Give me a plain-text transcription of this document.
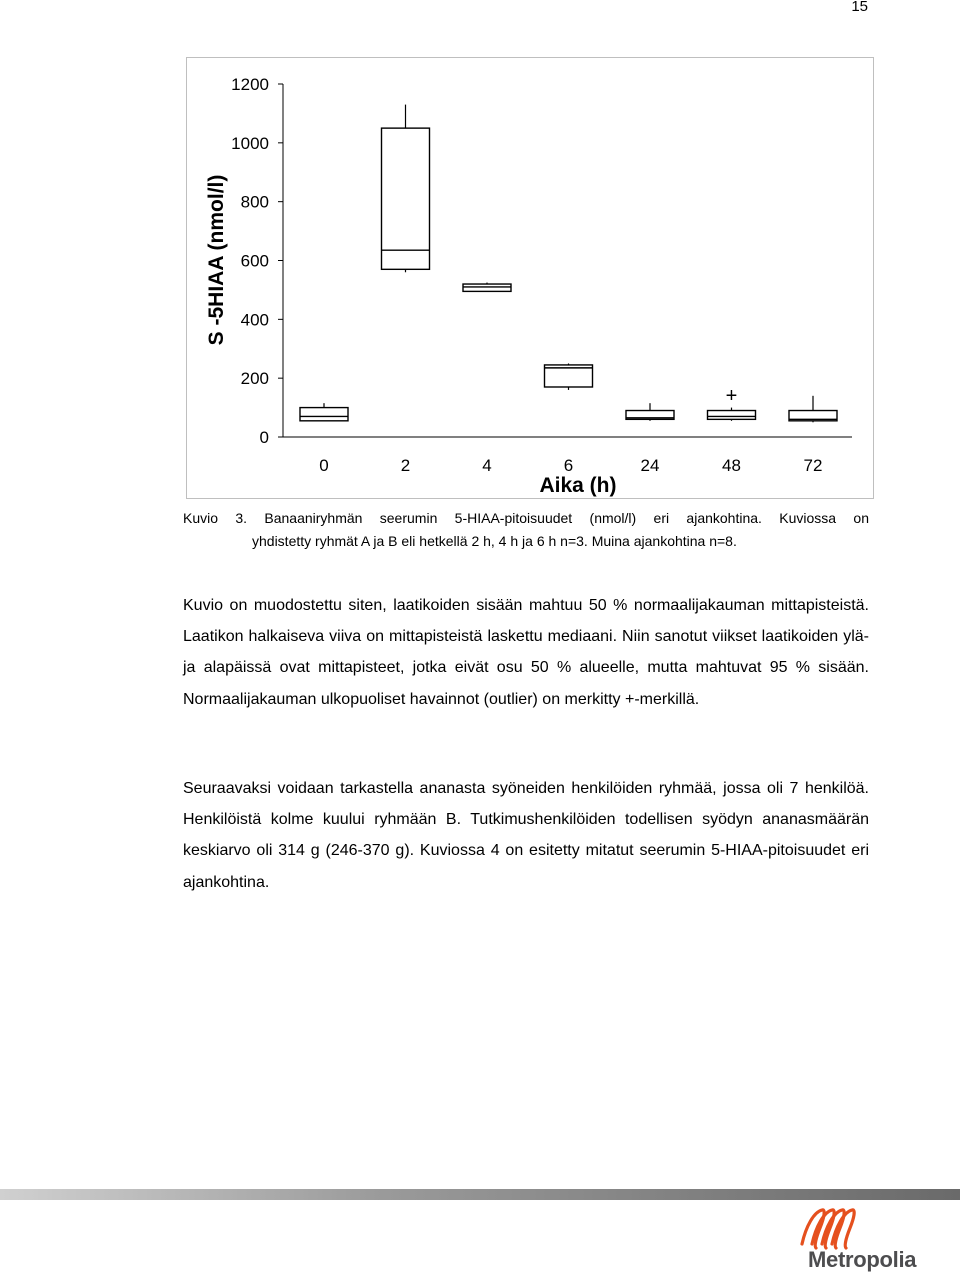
15
0
200
400
600
800
1000
1200
0	2	4	6	24	48	72
Aika (h)
S -5HIAA (nmol/l)
+
Kuvio 3. Banaaniryhmän seerumin 5-HIAA-pitoisuudet (nmol/l) eri ajankohtina. Kuviossa on
yhdistetty ryhmät A ja B eli hetkellä 2 h, 4 h ja 6 h n=3. Muina ajankohtina n=8.

Kuvio on muodostettu siten, laatikoiden sisään mahtuu 50 % normaalijakauman mittapisteistä. Laatikon halkaiseva viiva on mittapisteistä laskettu mediaani. Niin sanotut viikset laatikoiden ylä- ja alapäissä ovat mittapisteet, jotka eivät osu 50 % alueelle, mutta mahtuvat 95 % sisään. Normaalijakauman ulkopuoliset havainnot (outlier) on merkitty +-merkillä.

Seuraavaksi voidaan tarkastella ananasta syöneiden henkilöiden ryhmää, jossa oli 7 henkilöä. Henkilöistä kolme kuului ryhmään B. Tutkimushenkilöiden todellisen syödyn ananasmäärän keskiarvo oli 314 g (246-370 g). Kuviossa 4 on esitetty mitatut seerumin 5-HIAA-pitoisuudet eri ajankohtina.

Metropolia
